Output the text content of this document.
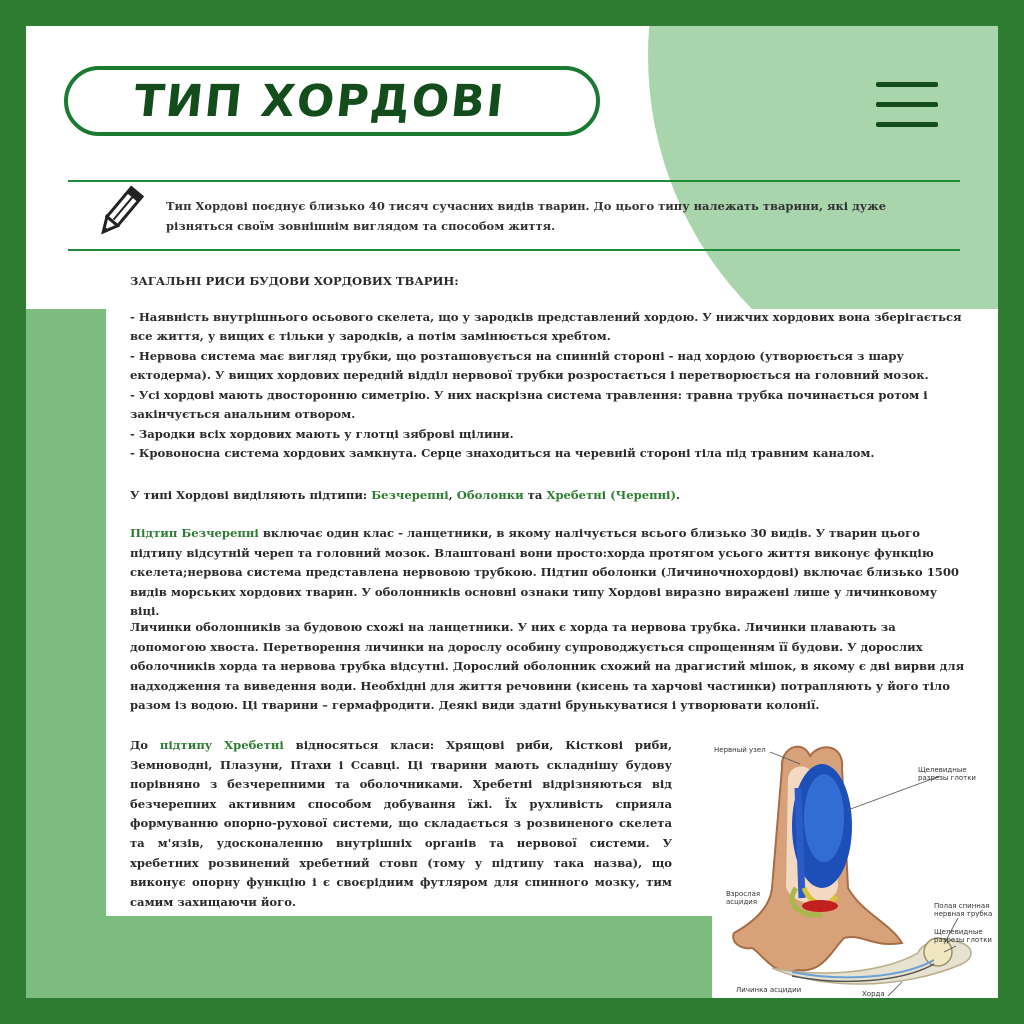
ТИП ХОРДОВІ
Тип Хордові поєднує близько 40 тисяч сучасних видів тварин. До цього типу належать тварини, які дуже різняться своїм зовнішнім виглядом та способом життя.

ЗАГАЛЬНІ РИСИ БУДОВИ ХОРДОВИХ ТВАРИН:

- Наявність внутрішнього осьового скелета, що у зародків представлений хордою. У нижчих хордових вона зберігається все життя, у вищих є тільки у зародків, а потім замінюється хребтом.

- Нервова система має вигляд трубки, що розташовується на спинній стороні - над хордою (утворюється з шару ектодерма). У вищих хордових передній відділ нервової трубки розростається і перетворюється на головний мозок.

- Усі хордові мають двосторонню симетрію. У них наскрізна система травлення: травна трубка починається ротом і закінчується анальним отвором.

- Зародки всіх хордових мають у глотці зяброві щілини.

- Кровоносна система хордових замкнута. Серце знаходиться на черевній стороні тіла під травним каналом.

У типі Хордові виділяють підтипи: Безчерепні, Оболонки та Хребетні (Черепні).

Підтип Безчерепні включає один клас - ланцетники, в якому налічується всього близько 30 видів. У тварин цього підтипу відсутній череп та головний мозок. Влаштовані вони просто:хорда протягом усього життя виконує функцію скелета;нервова система представлена нервовою трубкою. Підтип оболонки (Личиночнохордові) включає близько 1500 видів морських хордових тварин. У оболонників основні ознаки типу Хордові виразно виражені лише у личинковому віці.

Личинки оболонників за будовою схожі на ланцетники. У них є хорда та нервова трубка. Личинки плавають за допомогою хвоста. Перетворення личинки на дорослу особину супроводжується спрощенням її будови. У дорослих оболочників хорда та нервова трубка відсутні. Дорослий оболонник схожий на драгистий мішок, в якому є дві вирви для надходження та виведення води. Необхідні для життя речовини (кисень та харчові частинки) потрапляють у його тіло разом із водою. Ці тварини – гермафродити. Деякі види здатні брунькуватися і утворювати колонії.

До підтипу Хребетні відносяться класи: Хрящові риби, Кісткові риби, Земноводні, Плазуни, Птахи і Ссавці. Ці тварини мають складнішу будову порівняно з безчерепними та оболочниками. Хребетні відрізняються від безчерепних активним способом добування їжі. Їх рухливість сприяла формуванню опорно-рухової системи, що складається з розвиненого скелета та м'язів, удосконаленню внутрішніх органів та нервової системи. У хребетних розвинений хребетний стовп (тому у підтипу така назва), що виконує опорну функцію і є своєрідним футляром для спинного мозку, тим самим захищаючи його.
Нервный узел
Щелевидные
разрезы глотки
Взрослая
асцидия	Полая спинная
нервная трубка
Щелевидные
разрезы глотки
Личинка асцидии	Хорда
